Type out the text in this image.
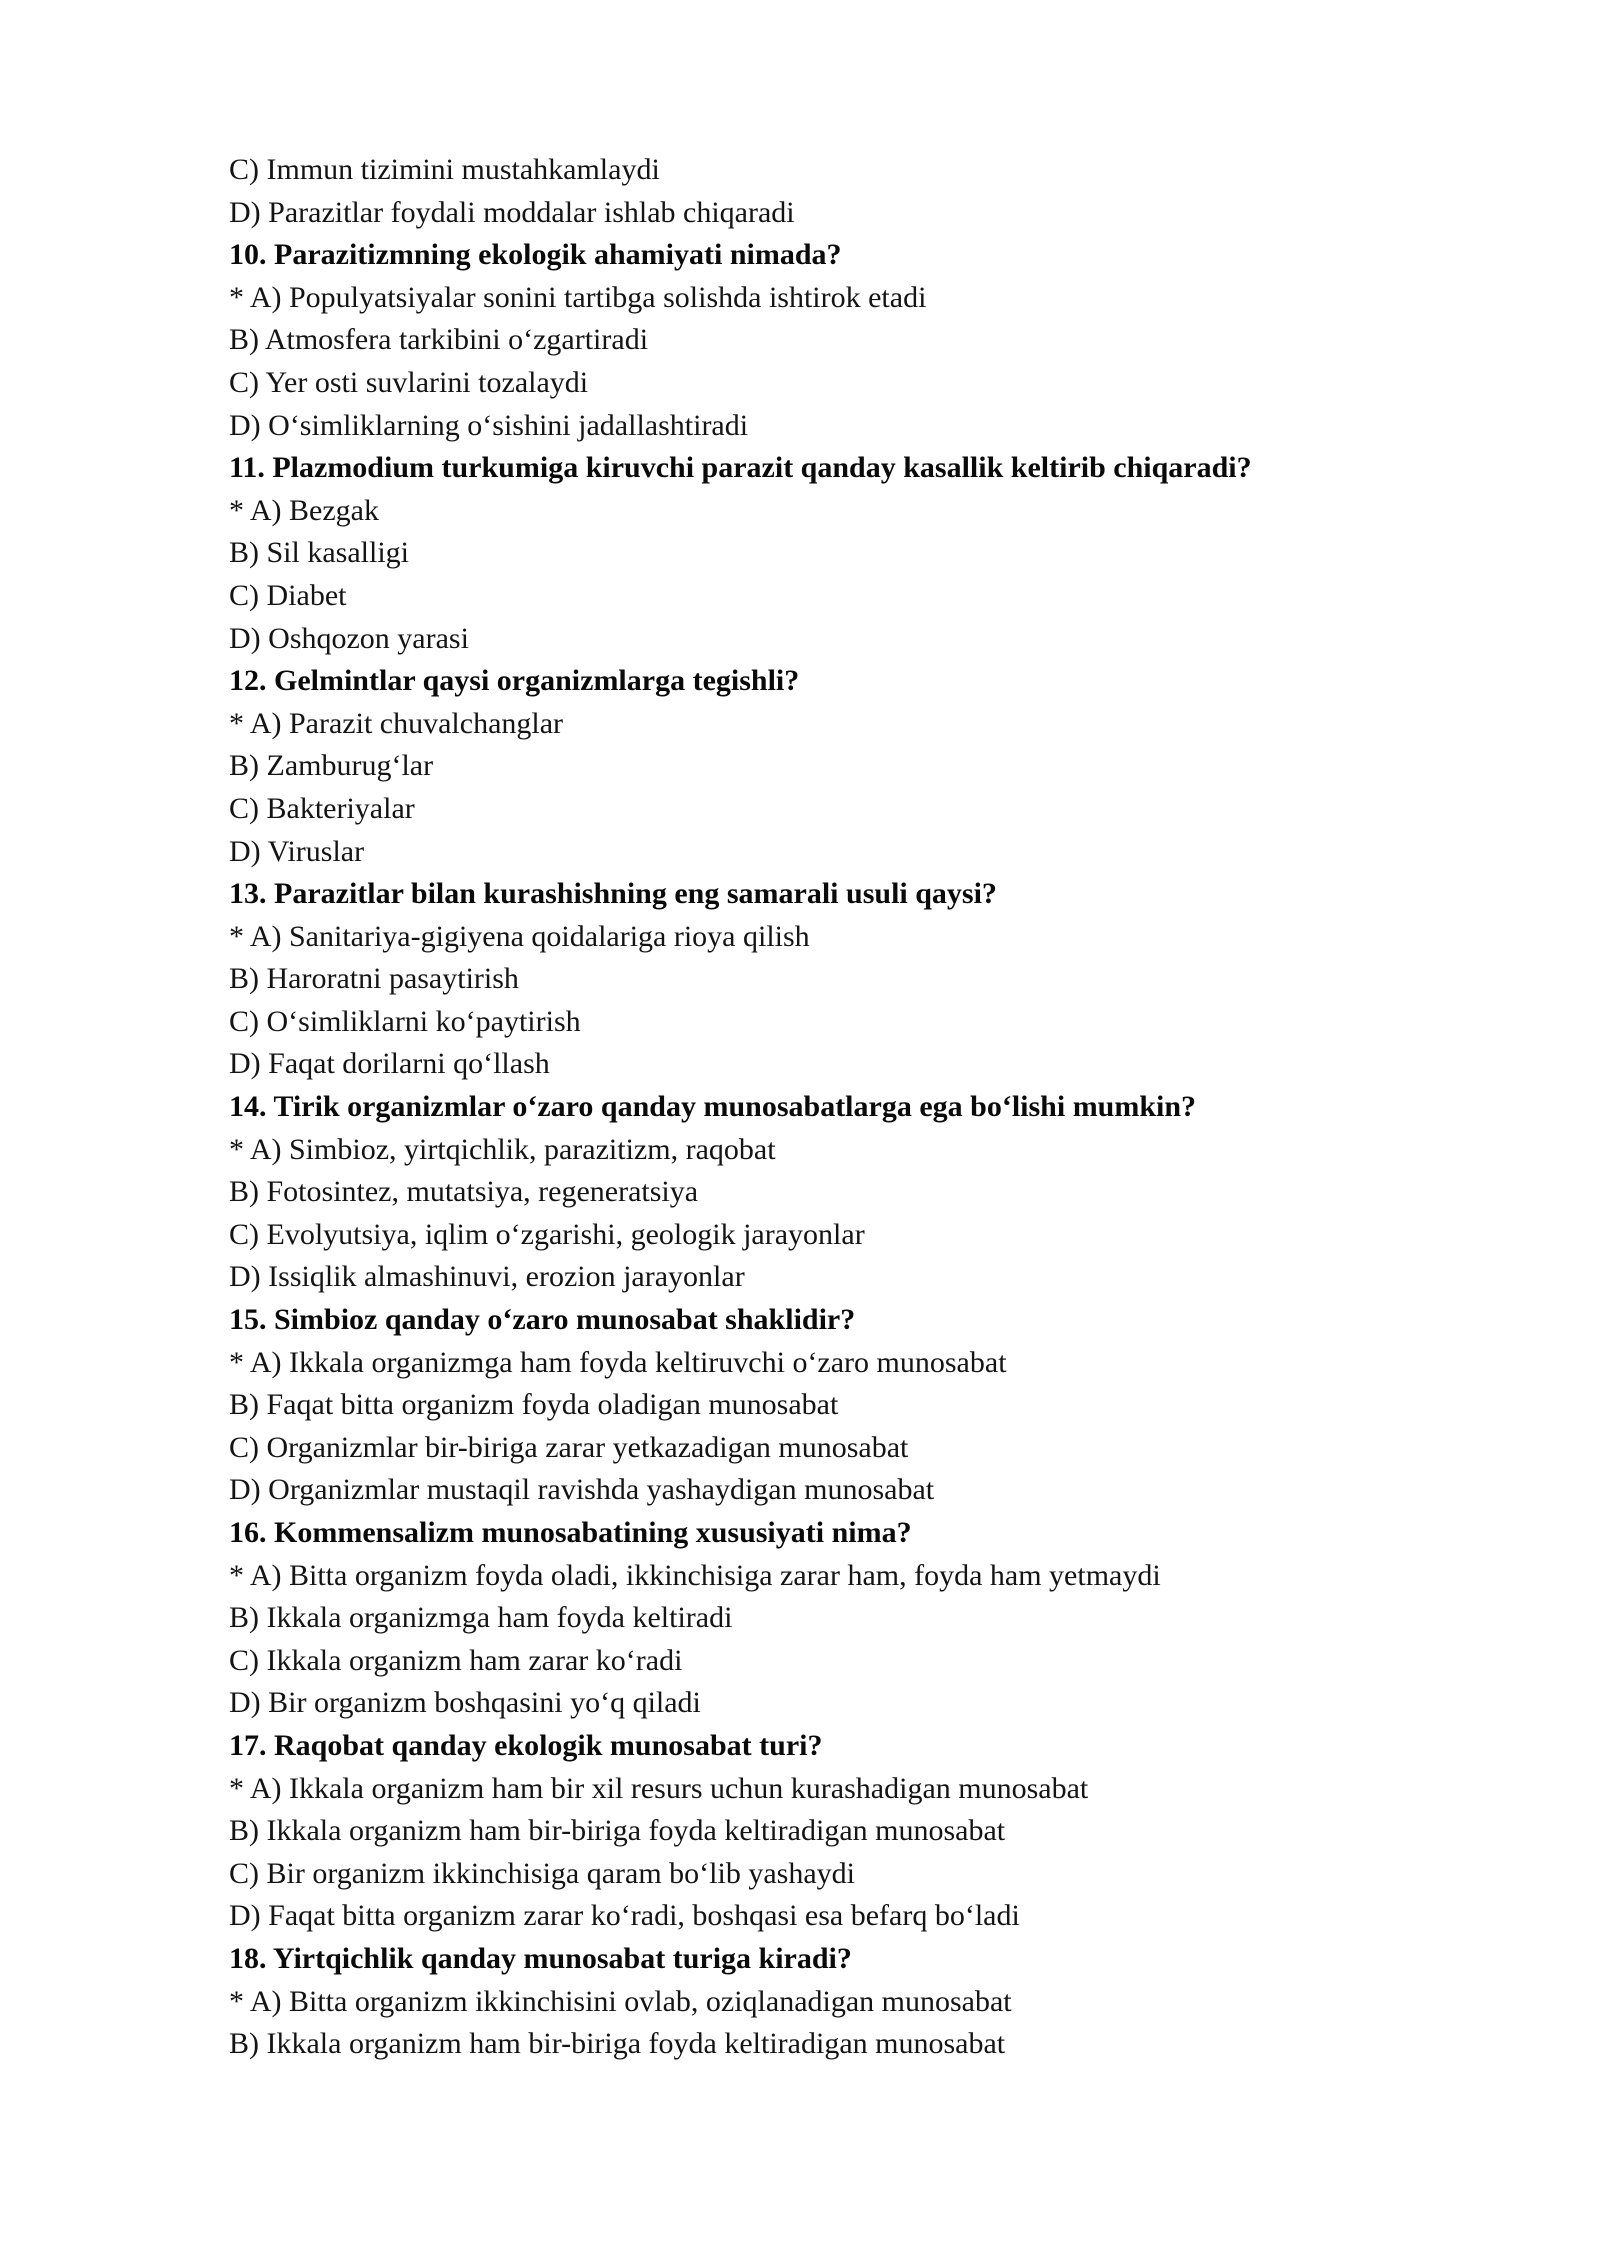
C) Immun tizimini mustahkamlaydi
D) Parazitlar foydali moddalar ishlab chiqaradi
10. Parazitizmning ekologik ahamiyati nimada?
* A) Populyatsiyalar sonini tartibga solishda ishtirok etadi
B) Atmosfera tarkibini o‘zgartiradi
C) Yer osti suvlarini tozalaydi
D) O‘simliklarning o‘sishini jadallashtiradi
11. Plazmodium turkumiga kiruvchi parazit qanday kasallik keltirib chiqaradi?
* A) Bezgak
B) Sil kasalligi
C) Diabet
D) Oshqozon yarasi
12. Gelmintlar qaysi organizmlarga tegishli?
* A) Parazit chuvalchanglar
B) Zamburug‘lar
C) Bakteriyalar
D) Viruslar
13. Parazitlar bilan kurashishning eng samarali usuli qaysi?
* A) Sanitariya-gigiyena qoidalariga rioya qilish
B) Haroratni pasaytirish
C) O‘simliklarni ko‘paytirish
D) Faqat dorilarni qo‘llash
14. Tirik organizmlar o‘zaro qanday munosabatlarga ega bo‘lishi mumkin?
* A) Simbioz, yirtqichlik, parazitizm, raqobat
B) Fotosintez, mutatsiya, regeneratsiya
C) Evolyutsiya, iqlim o‘zgarishi, geologik jarayonlar
D) Issiqlik almashinuvi, erozion jarayonlar
15. Simbioz qanday o‘zaro munosabat shaklidir?
* A) Ikkala organizmga ham foyda keltiruvchi o‘zaro munosabat
B) Faqat bitta organizm foyda oladigan munosabat
C) Organizmlar bir-biriga zarar yetkazadigan munosabat
D) Organizmlar mustaqil ravishda yashaydigan munosabat
16. Kommensalizm munosabatining xususiyati nima?
* A) Bitta organizm foyda oladi, ikkinchisiga zarar ham, foyda ham yetmaydi
B) Ikkala organizmga ham foyda keltiradi
C) Ikkala organizm ham zarar ko‘radi
D) Bir organizm boshqasini yo‘q qiladi
17. Raqobat qanday ekologik munosabat turi?
* A) Ikkala organizm ham bir xil resurs uchun kurashadigan munosabat
B) Ikkala organizm ham bir-biriga foyda keltiradigan munosabat
C) Bir organizm ikkinchisiga qaram bo‘lib yashaydi
D) Faqat bitta organizm zarar ko‘radi, boshqasi esa befarq bo‘ladi
18. Yirtqichlik qanday munosabat turiga kiradi?
* A) Bitta organizm ikkinchisini ovlab, oziqlanadigan munosabat
B) Ikkala organizm ham bir-biriga foyda keltiradigan munosabat
